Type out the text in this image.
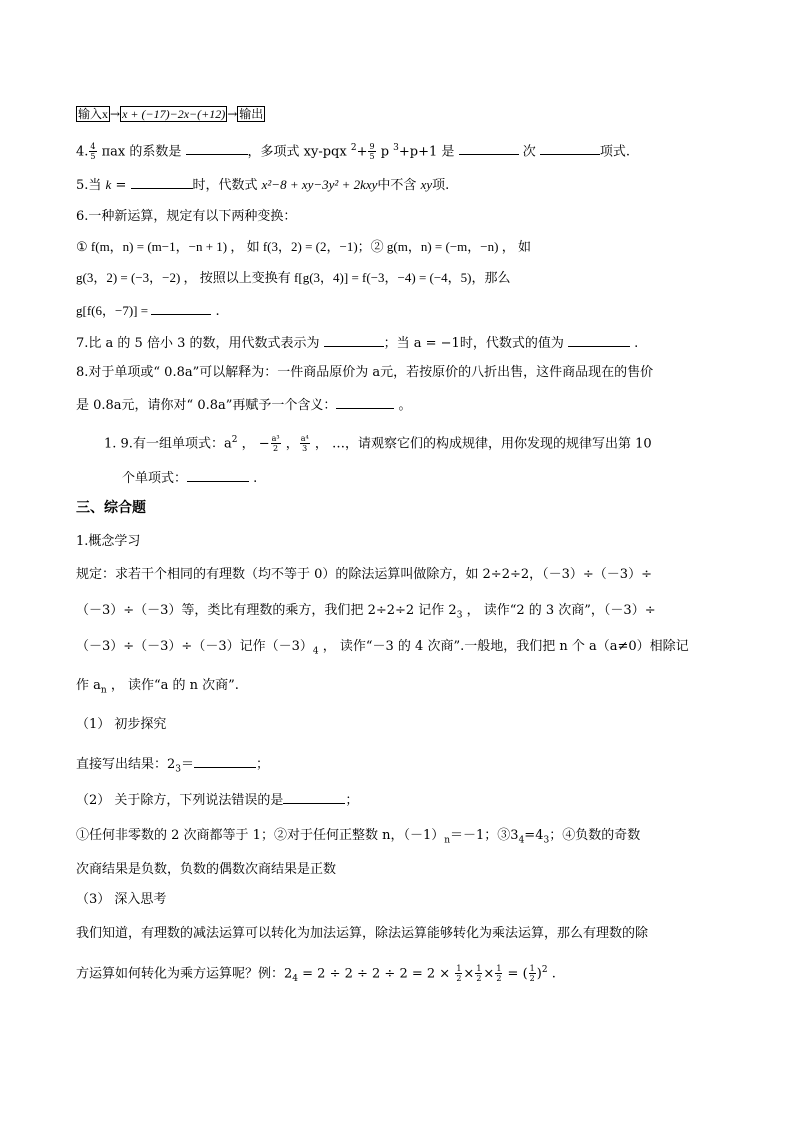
输入x → x + (−17)−2x−(+12) → 输出
4. $\frac{4}{5}$ πax 的系数是	，多项式 xy-pqx $^2+ \frac{9}{5}$ p $^3$+p+1 是	次	项式.
5.当 k =	时，代数式 x²−8 + xy−3y² + 2kxy中不含 xy项.
6.一种新运算，规定有以下两种变换：
① f(m，n) = (m−1，−n + 1) ， 如 f(3，2) = (2，−1)；② g(m，n) = (−m，−n) ， 如
g(3，2) = (−3，−2) ， 按照以上变换有 f[g(3，4)] = f(−3，−4) = (−4，5)，那么
g[f(6，−7)] =	.
7.比 a 的 5 倍小 3 的数，用代数式表示为	；当 a = −1时，代数式的值为	.
8.对于单项或“ 0.8a”可以解释为：一件商品原价为 a元，若按原价的八折出售，这件商品现在的售价
是 0.8a元，请你对“ 0.8a”再赋予一个含义：	。
1. 9.有一组单项式：$a^2$ ， − $\frac{\text{a³}}{2}$ ， $\frac{\text{a⁴}}{3}$ ， …，请观察它们的构成规律，用你发现的规律写出第 10
个单项式：	.
三、综合题
1.概念学习
规定：求若干个相同的有理数（均不等于 0）的除法运算叫做除方，如 2÷2÷2，（－3）÷（－3）÷
（－3）÷（－3）等，类比有理数的乘方，我们把 2÷2÷2 记作 $2_3$ ， 读作“2 的 3 次商”，（－3）÷
（－3）÷（－3）÷（－3）记作$(-3)_4$ ， 读作“－3 的 4 次商”.一般地，我们把 n 个 a（a≠0）相除记
作 $a_n$ ， 读作“a 的 n 次商”.
（1） 初步探究
直接写出结果：$2_3=$	；
（2） 关于除方，下列说法错误的是	；
①任何非零数的 2 次商都等于 1；②对于任何正整数 n，$(-1)_n=-1$；$③3_4=4_3$；④负数的奇数
次商结果是负数，负数的偶数次商结果是正数
（3） 深入思考
我们知道，有理数的减法运算可以转化为加法运算，除法运算能够转化为乘法运算，那么有理数的除
方运算如何转化为乘方运算呢？例：$2_4 = 2 \div 2 \div 2 \div 2 = 2 \times \frac{1}{2} \times \frac{1}{2} \times \frac{1}{2}$ = ( $\frac{1}{2} )^2$ .
